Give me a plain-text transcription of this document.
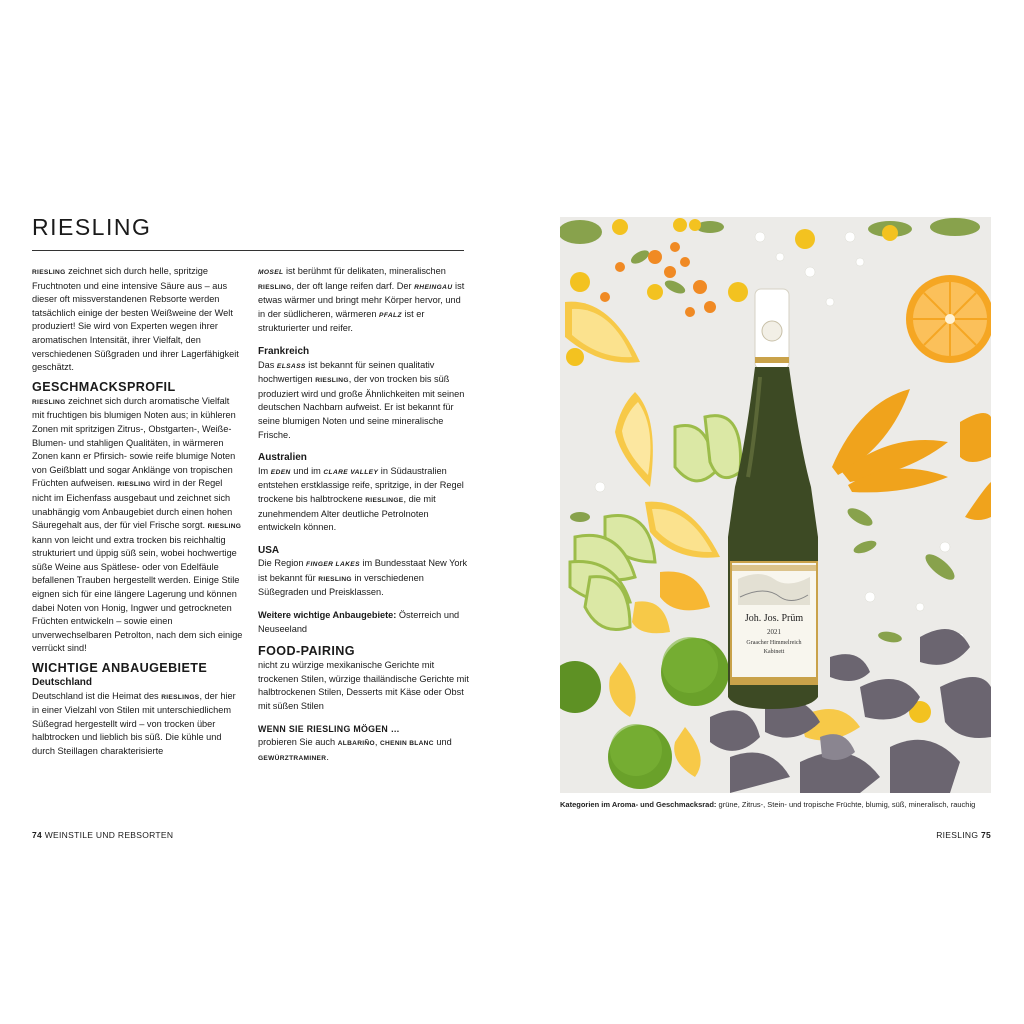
RIESLING

RIESLING zeichnet sich durch helle, spritzige Fruchtnoten und eine intensive Säure aus – aus dieser oft missverstandenen Rebsorte werden tatsächlich einige der besten Weißweine der Welt produziert! Sie wird von Experten wegen ihrer aromatischen Intensität, ihrer Vielfalt, den verschiedenen Süßgraden und ihrer Lagerfähigkeit geschätzt.

GESCHMACKSPROFIL

RIESLING zeichnet sich durch aromatische Vielfalt mit fruchtigen bis blumigen Noten aus; in kühleren Zonen mit spritzigen Zitrus-, Obstgarten-, Weiße-Blumen- und stahligen Qualitäten, in wärmeren Zonen kann er Pfirsich- sowie reife blumige Noten von Geißblatt und sogar Anklänge von tropischen Früchten aufweisen. RIESLING wird in der Regel nicht im Eichenfass ausgebaut und zeichnet sich unabhängig vom Anbaugebiet durch einen hohen Säuregehalt aus, der für viel Frische sorgt. RIESLING kann von leicht und extra trocken bis reichhaltig strukturiert und üppig süß sein, wobei hochwertige süße Weine aus Spätlese- oder von Edelfäule befallenen Trauben hergestellt werden. Einige Stile eignen sich für eine längere Lagerung und können dabei Noten von Honig, Ingwer und getrockneten Früchten entwickeln – sowie einen unverwechselbaren Petrolton, nach dem sich einige verrückt sind!

WICHTIGE ANBAUGEBIETE
Deutschland

Deutschland ist die Heimat des RIESLINGS, der hier in einer Vielzahl von Stilen mit unterschiedlichem Süßegrad hergestellt wird – von trocken über halbtrocken und lieblich bis süß. Die kühle und durch Steillagen charakterisierte

MOSEL ist berühmt für delikaten, mineralischen RIESLING, der oft lange reifen darf. Der RHEINGAU ist etwas wärmer und bringt mehr Körper hervor, und in der südlicheren, wärmeren PFALZ ist er strukturierter und reifer.

Frankreich

Das ELSASS ist bekannt für seinen qualitativ hochwertigen RIESLING, der von trocken bis süß produziert wird und große Ähnlichkeiten mit seinen deutschen Nachbarn aufweist. Er ist bekannt für seine blumigen Noten und seine mineralische Frische.

Australien

Im EDEN und im CLARE VALLEY in Südaustralien entstehen erstklassige reife, spritzige, in der Regel trockene bis halbtrockene RIESLINGE, die mit zunehmendem Alter deutliche Petrolnoten entwickeln können.

USA

Die Region FINGER LAKES im Bundesstaat New York ist bekannt für RIESLING in verschiedenen Süßegraden und Preisklassen.

Weitere wichtige Anbaugebiete: Österreich und Neuseeland

FOOD-PAIRING

nicht zu würzige mexikanische Gerichte mit trockenen Stilen, würzige thailändische Gerichte mit halbtrockenen Stilen, Desserts mit Käse oder Obst mit süßen Stilen

WENN SIE RIESLING MÖGEN …

probieren Sie auch ALBARIÑO, CHENIN BLANC und GEWÜRZTRAMINER.

Joh. Jos. Prüm
2021
Graacher Himmelreich
Kabinett
Kategorien im Aroma- und Geschmacksrad: grüne, Zitrus-, Stein- und tropische Früchte, blumig, süß, mineralisch, rauchig
74 WEINSTILE UND REBSORTEN	RIESLING 75
